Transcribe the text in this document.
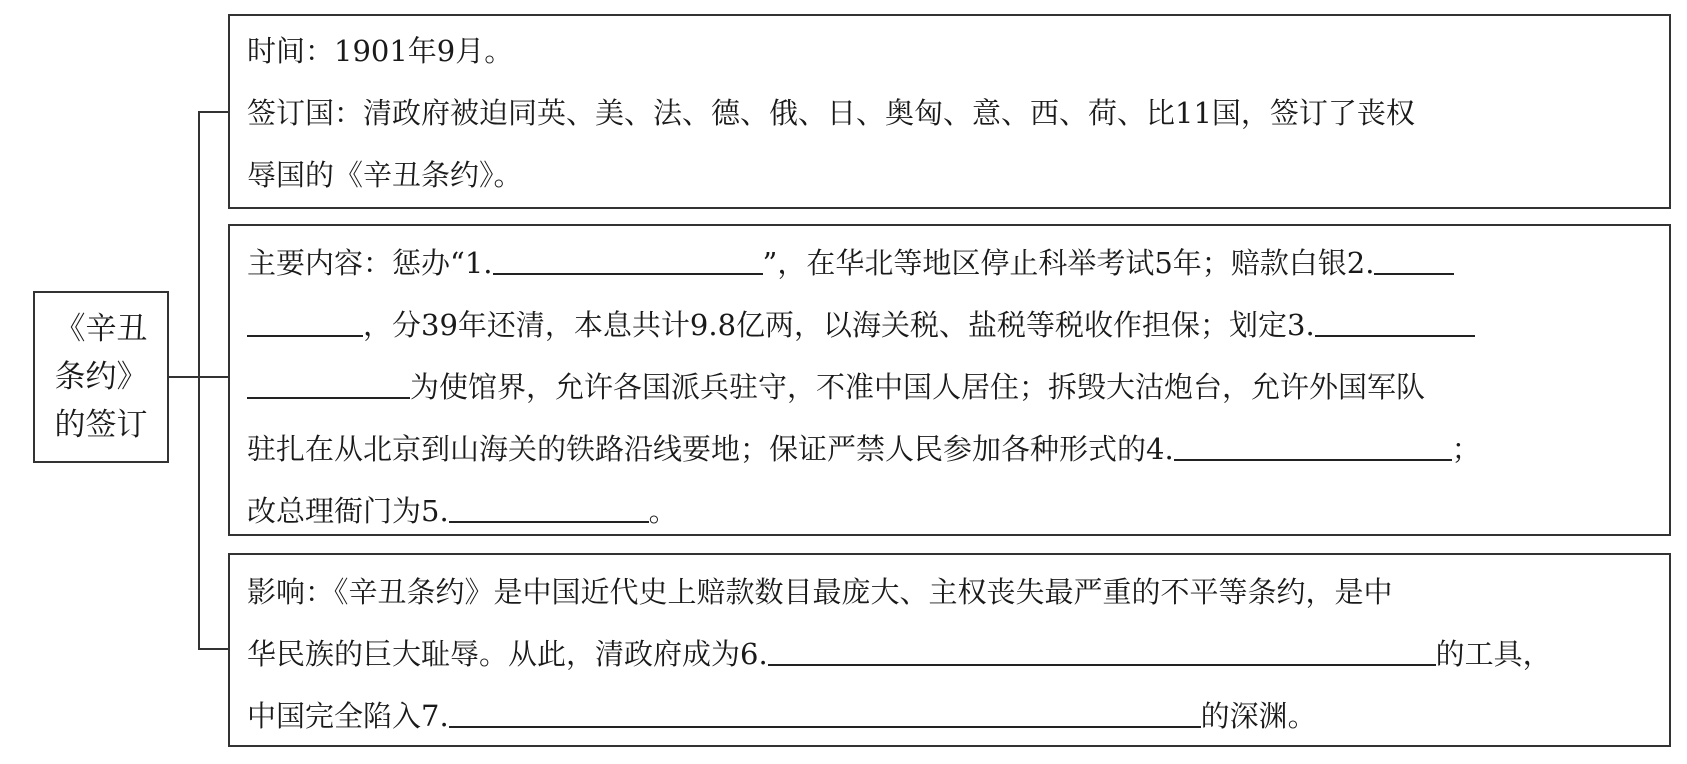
《辛丑
条约》
的签订
时间：1901年9月。
签订国：清政府被迫同英、美、法、德、俄、日、奥匈、意、西、荷、比11国，签订了丧权
辱国的《辛丑条约》。
主要内容：惩办“1.	”，在华北等地区停止科举考试5年；赔款白银2.
，分39年还清，本息共计9.8亿两，以海关税、盐税等税收作担保；划定3.
为使馆界，允许各国派兵驻守，不准中国人居住；拆毁大沽炮台，允许外国军队
驻扎在从北京到山海关的铁路沿线要地；保证严禁人民参加各种形式的4.	；
改总理衙门为5.	。
影响：《辛丑条约》是中国近代史上赔款数目最庞大、主权丧失最严重的不平等条约，是中
华民族的巨大耻辱。从此，清政府成为6.	的工具，
中国完全陷入7.	的深渊。
